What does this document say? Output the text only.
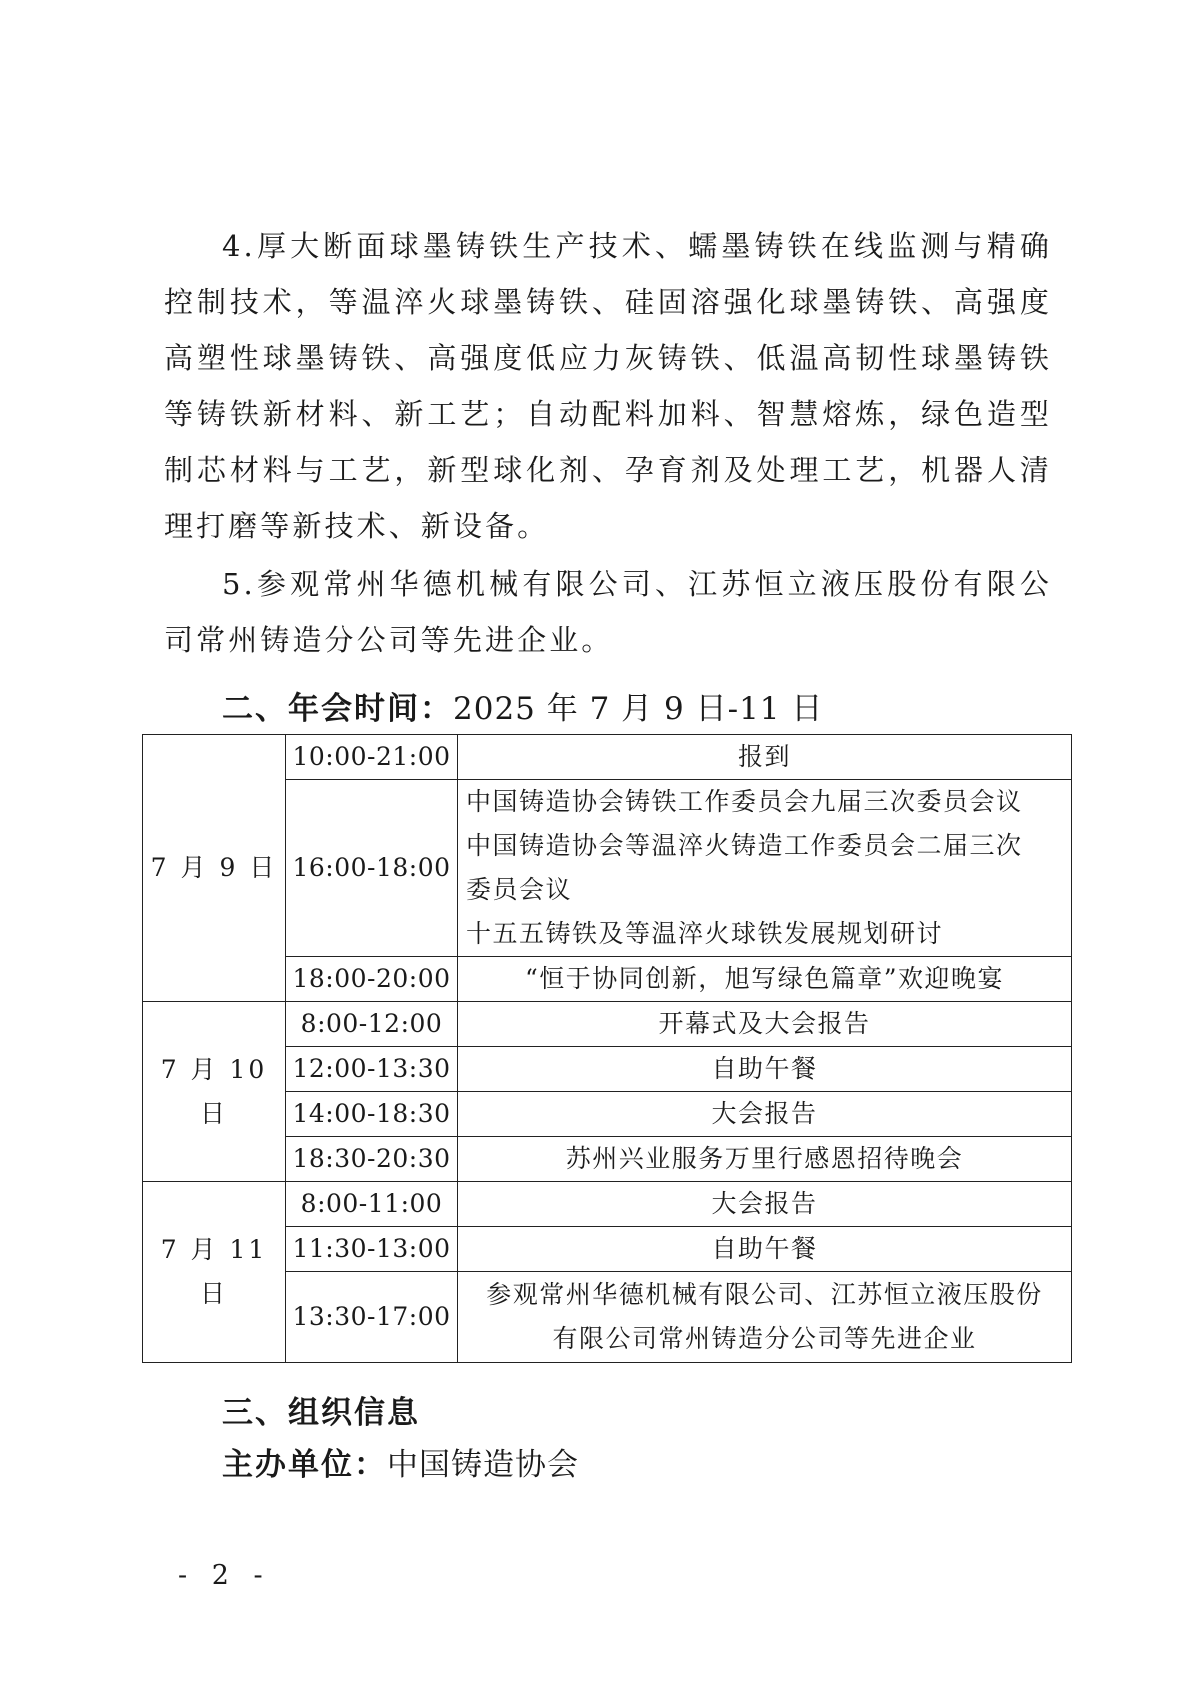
4.厚大断面球墨铸铁生产技术、蠕墨铸铁在线监测与精确控制技术，等温淬火球墨铸铁、硅固溶强化球墨铸铁、高强度高塑性球墨铸铁、高强度低应力灰铸铁、低温高韧性球墨铸铁等铸铁新材料、新工艺；自动配料加料、智慧熔炼，绿色造型制芯材料与工艺，新型球化剂、孕育剂及处理工艺，机器人清理打磨等新技术、新设备。

5.参观常州华德机械有限公司、江苏恒立液压股份有限公司常州铸造分公司等先进企业。

二、年会时间：2025 年 7 月 9 日-11 日
7 月 9 日	10:00-21:00	报到
	16:00-18:00	中国铸造协会铸铁工作委员会九届三次委员会议
中国铸造协会等温淬火铸造工作委员会二届三次
委员会议
十五五铸铁及等温淬火球铁发展规划研讨

	18:00-20:00	“恒于协同创新，旭写绿色篇章”欢迎晚宴
7 月 10 日	8:00-12:00	开幕式及大会报告
	12:00-13:30	自助午餐
	14:00-18:30	大会报告
	18:30-20:30	苏州兴业服务万里行感恩招待晚会
7 月 11 日	8:00-11:00	大会报告
	11:30-13:00	自助午餐
	13:30-17:00	参观常州华德机械有限公司、江苏恒立液压股份
有限公司常州铸造分公司等先进企业
三、组织信息
主办单位：中国铸造协会
- 2 -
